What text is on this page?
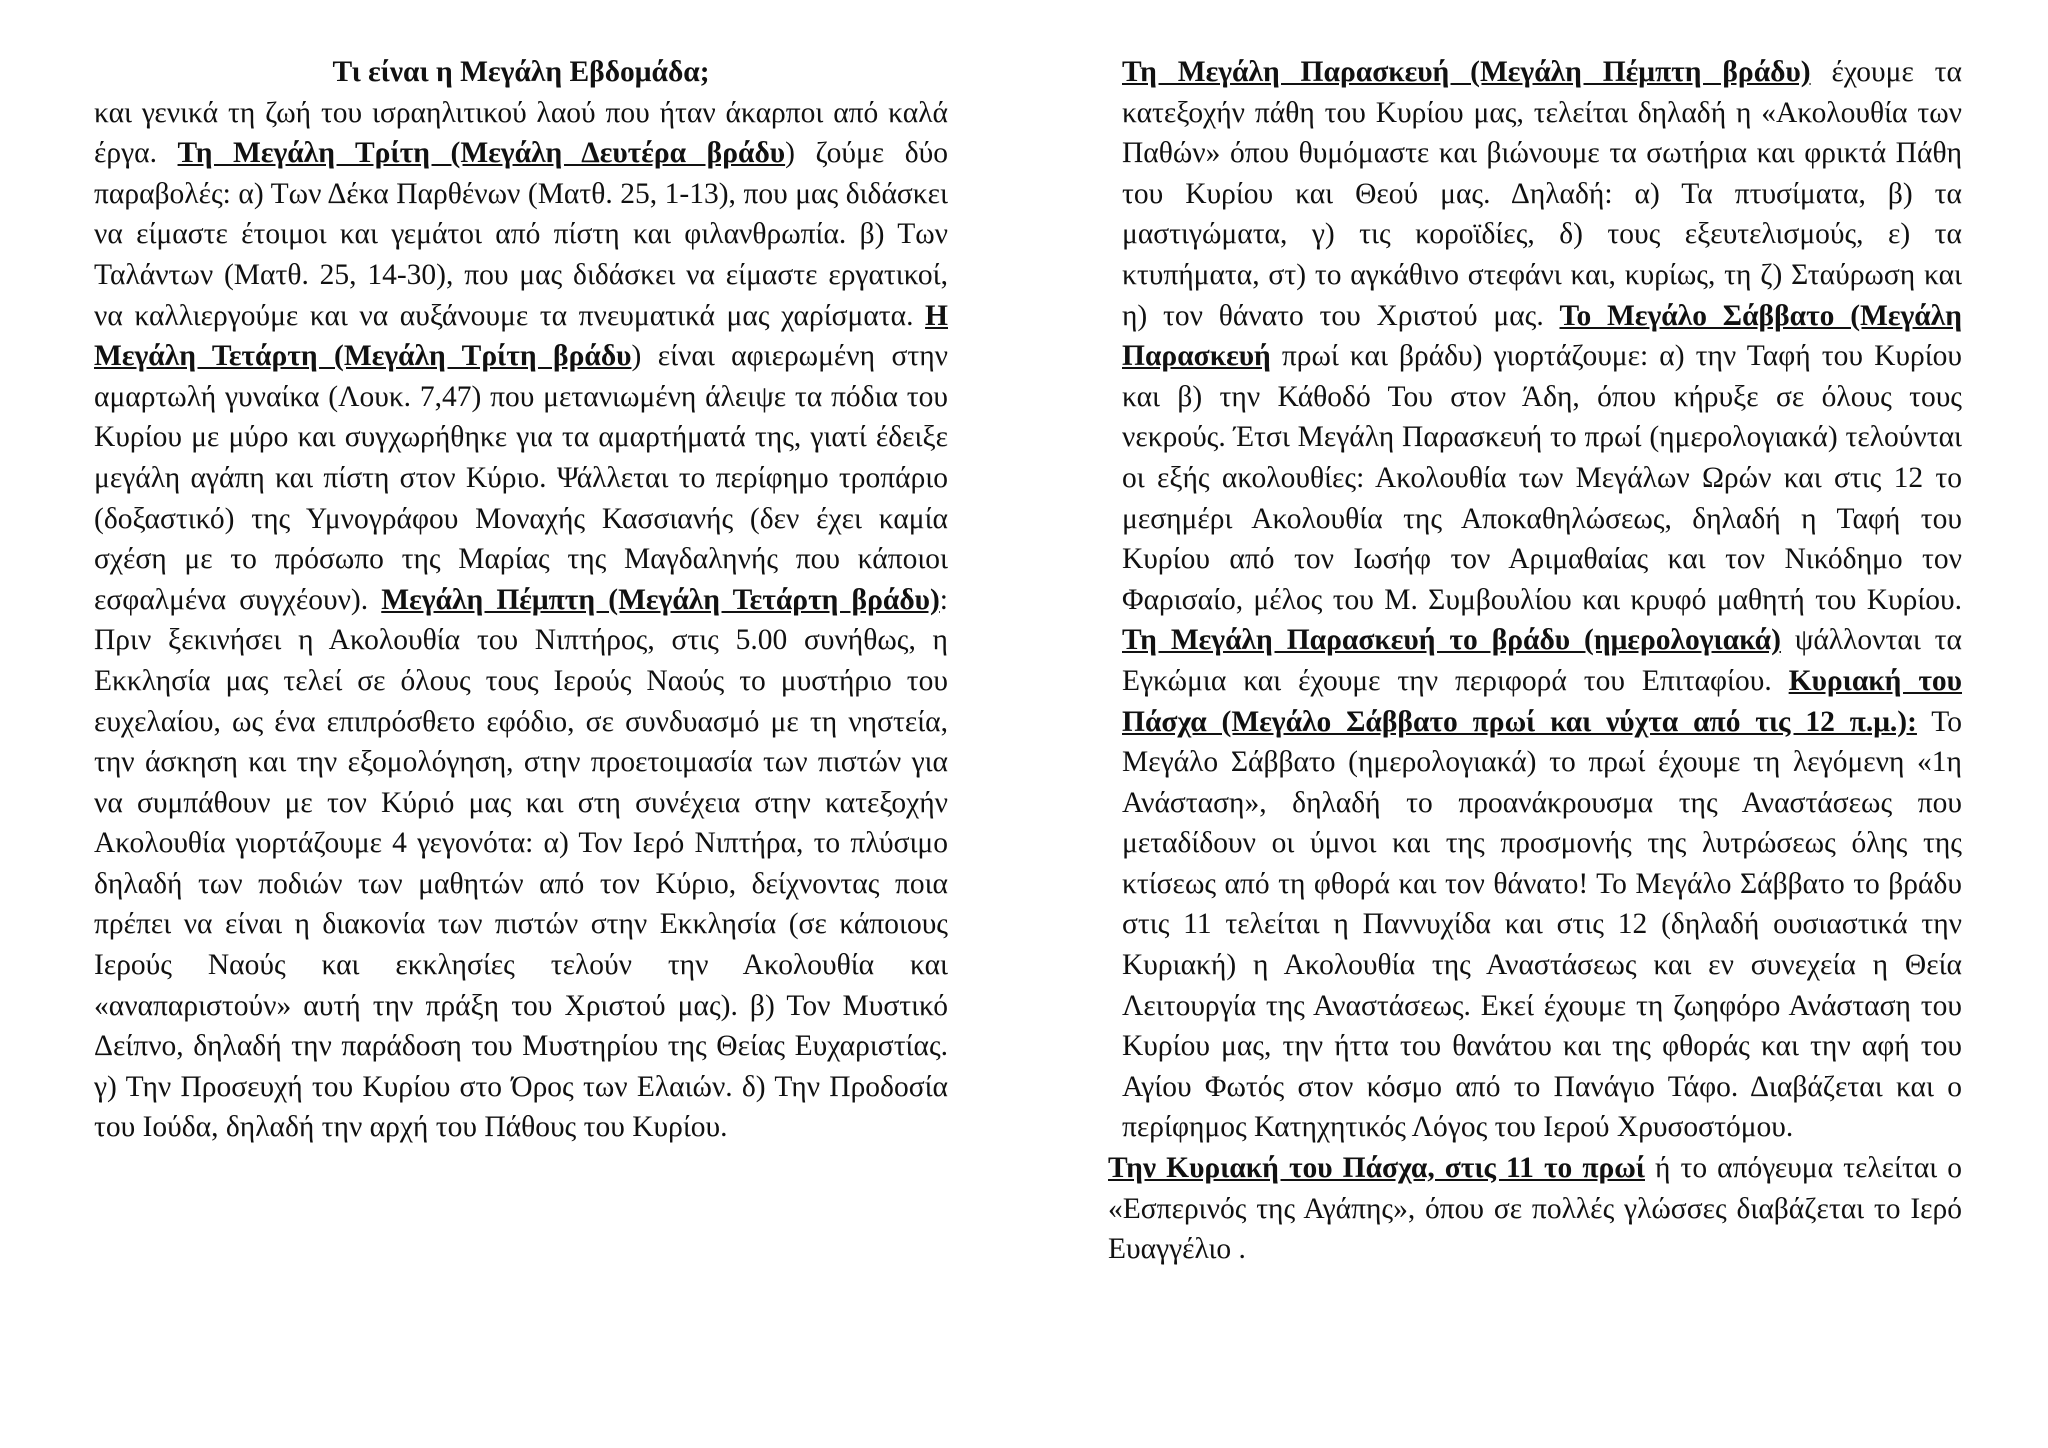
Τι είναι η Μεγάλη Εβδομάδα;

και γενικά τη ζωή του ισραηλιτικού λαού που ήταν άκαρποι από καλά έργα. Τη Μεγάλη Τρίτη (Μεγάλη Δευτέρα βράδυ) ζούμε δύο παραβολές: α) Των Δέκα Παρθένων (Ματθ. 25, 1-13), που μας διδάσκει να είμαστε έτοιμοι και γεμάτοι από πίστη και φιλανθρωπία. β) Των Ταλάντων (Ματθ. 25, 14-30), που μας διδάσκει να είμαστε εργατικοί, να καλλιεργούμε και να αυξάνουμε τα πνευματικά μας χαρίσματα. Η Μεγάλη Τετάρτη (Μεγάλη Τρίτη βράδυ) είναι αφιερωμένη στην αμαρτωλή γυναίκα (Λουκ. 7,47) που μετανιωμένη άλειψε τα πόδια του Κυρίου με μύρο και συγχωρήθηκε για τα αμαρτήματά της, γιατί έδειξε μεγάλη αγάπη και πίστη στον Κύριο. Ψάλλεται το περίφημο τροπάριο (δοξαστικό) της Υμνογράφου Μοναχής Κασσιανής (δεν έχει καμία σχέση με το πρόσωπο της Μαρίας της Μαγδαληνής που κάποιοι εσφαλμένα συγχέουν). Μεγάλη Πέμπτη (Μεγάλη Τετάρτη βράδυ): Πριν ξεκινήσει η Ακολουθία του Νιπτήρος, στις 5.00 συνήθως, η Εκκλησία μας τελεί σε όλους τους Ιερούς Ναούς το μυστήριο του ευχελαίου, ως ένα επιπρόσθετο εφόδιο, σε συνδυασμό με τη νηστεία, την άσκηση και την εξομολόγηση, στην προετοιμασία των πιστών για να συμπάθουν με τον Κύριό μας και στη συνέχεια στην κατεξοχήν Ακολουθία γιορτάζουμε 4 γεγονότα: α) Τον Ιερό Νιπτήρα, το πλύσιμο δηλαδή των ποδιών των μαθητών από τον Κύριο, δείχνοντας ποια πρέπει να είναι η διακονία των πιστών στην Εκκλησία (σε κάποιους Ιερούς Ναούς και εκκλησίες τελούν την Ακολουθία και «αναπαριστούν» αυτή την πράξη του Χριστού μας). β) Τον Μυστικό Δείπνο, δηλαδή την παράδοση του Μυστηρίου της Θείας Ευχαριστίας. γ) Την Προσευχή του Κυρίου στο Όρος των Ελαιών. δ) Την Προδοσία του Ιούδα, δηλαδή την αρχή του Πάθους του Κυρίου.

Τη Μεγάλη Παρασκευή (Μεγάλη Πέμπτη βράδυ) έχουμε τα κατεξοχήν πάθη του Κυρίου μας, τελείται δηλαδή η «Ακολουθία των Παθών» όπου θυμόμαστε και βιώνουμε τα σωτήρια και φρικτά Πάθη του Κυρίου και Θεού μας. Δηλαδή: α) Τα πτυσίματα, β) τα μαστιγώματα, γ) τις κοροϊδίες, δ) τους εξευτελισμούς, ε) τα κτυπήματα, στ) το αγκάθινο στεφάνι και, κυρίως, τη ζ) Σταύρωση και η) τον θάνατο του Χριστού μας. Το Μεγάλο Σάββατο (Μεγάλη Παρασκευή πρωί και βράδυ) γιορτάζουμε: α) την Ταφή του Κυρίου και β) την Κάθοδό Του στον Άδη, όπου κήρυξε σε όλους τους νεκρούς. Έτσι Μεγάλη Παρασκευή το πρωί (ημερολογιακά) τελούνται οι εξής ακολουθίες: Ακολουθία των Μεγάλων Ωρών και στις 12 το μεσημέρι Ακολουθία της Αποκαθηλώσεως, δηλαδή η Ταφή του Κυρίου από τον Ιωσήφ τον Αριμαθαίας και τον Νικόδημο τον Φαρισαίο, μέλος του Μ. Συμβουλίου και κρυφό μαθητή του Κυρίου. Τη Μεγάλη Παρασκευή το βράδυ (ημερολογιακά) ψάλλονται τα Εγκώμια και έχουμε την περιφορά του Επιταφίου. Κυριακή του Πάσχα (Μεγάλο Σάββατο πρωί και νύχτα από τις 12 π.μ.): Το Μεγάλο Σάββατο (ημερολογιακά) το πρωί έχουμε τη λεγόμενη «1η Ανάσταση», δηλαδή το προανάκρουσμα της Αναστάσεως που μεταδίδουν οι ύμνοι και της προσμονής της λυτρώσεως όλης της κτίσεως από τη φθορά και τον θάνατο! Το Μεγάλο Σάββατο το βράδυ στις 11 τελείται η Παννυχίδα και στις 12 (δηλαδή ουσιαστικά την Κυριακή) η Ακολουθία της Αναστάσεως και εν συνεχεία η Θεία Λειτουργία της Αναστάσεως. Εκεί έχουμε τη ζωηφόρο Ανάσταση του Κυρίου μας, την ήττα του θανάτου και της φθοράς και την αφή του Αγίου Φωτός στον κόσμο από το Πανάγιο Τάφο. Διαβάζεται και ο περίφημος Κατηχητικός Λόγος του Ιερού Χρυσοστόμου.

Την Κυριακή του Πάσχα, στις 11 το πρωί ή το απόγευμα τελείται ο «Εσπερινός της Αγάπης», όπου σε πολλές γλώσσες διαβάζεται το Ιερό Ευαγγέλιο .
